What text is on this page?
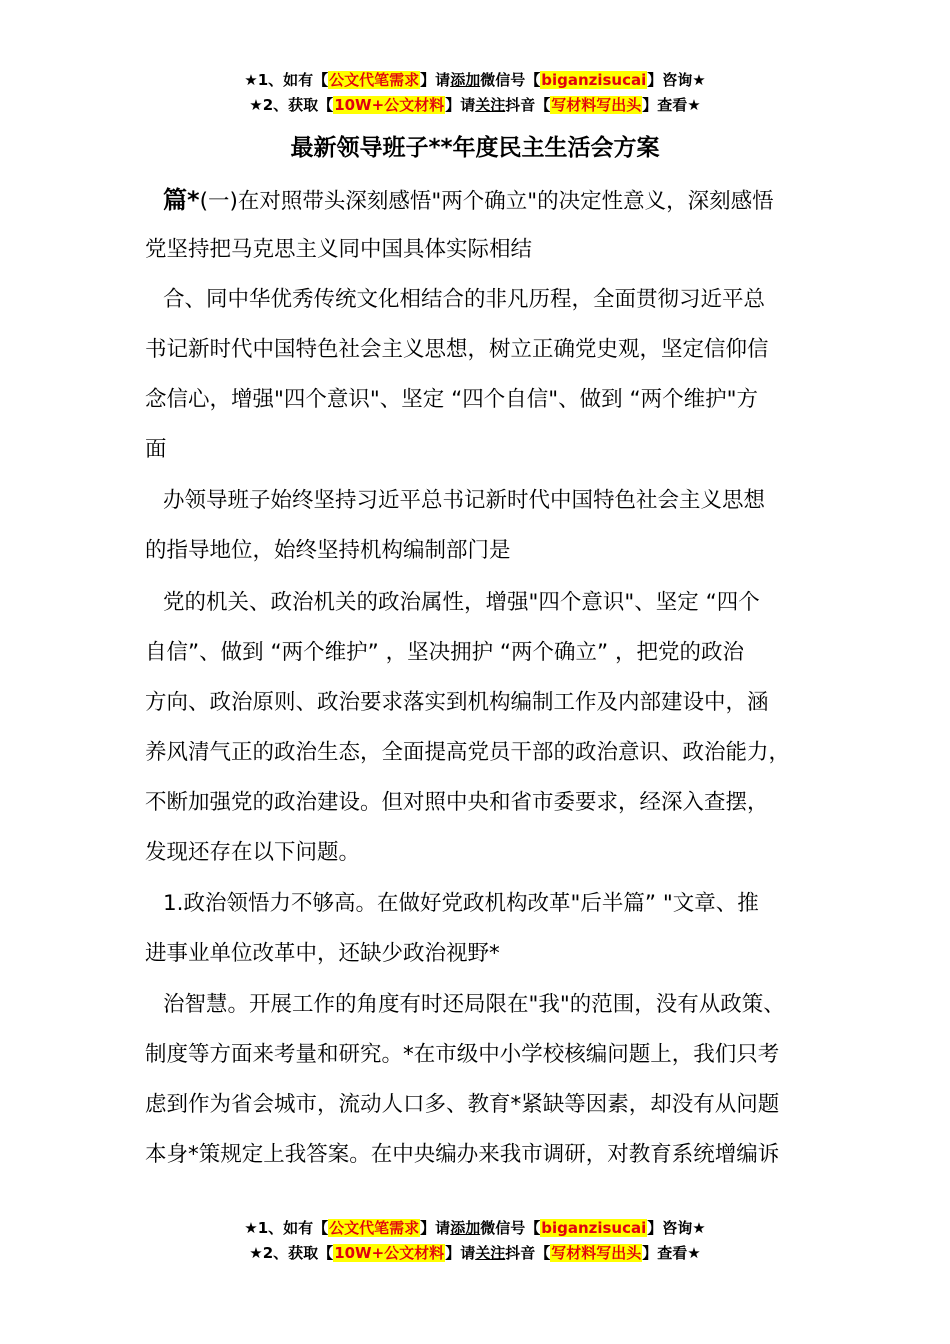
★1、如有【公文代笔需求】请添加微信号【biganzisucai】咨询★
★2、获取【10W+公文材料】请关注抖音【写材料写出头】查看★
最新领导班子**年度民主生活会方案
篇*(一)在对照带头深刻感悟"两个确立"的决定性意义，深刻感悟
党坚持把马克思主义同中国具体实际相结
合、同中华优秀传统文化相结合的非凡历程，全面贯彻习近平总
书记新时代中国特色社会主义思想，树立正确党史观，坚定信仰信
念信心，增强"四个意识"、坚定 “四个自信"、做到 “两个维护"方
面
办领导班子始终坚持习近平总书记新时代中国特色社会主义思想
的指导地位，始终坚持机构编制部门是
党的机关、政治机关的政治属性，增强"四个意识"、坚定 “四个
自信”、做到 “两个维护” ，坚决拥护 “两个确立” ，把党的政治
方向、政治原则、政治要求落实到机构编制工作及内部建设中，涵
养风清气正的政治生态，全面提高党员干部的政治意识、政治能力，
不断加强党的政治建设。但对照中央和省市委要求，经深入查摆，
发现还存在以下问题。
1.政治领悟力不够高。在做好党政机构改革"后半篇” "文章、推
进事业单位改革中，还缺少政治视野*
治智慧。开展工作的角度有时还局限在"我"的范围，没有从政策、
制度等方面来考量和研究。*在市级中小学校核编问题上，我们只考
虑到作为省会城市，流动人口多、教育*紧缺等因素，却没有从问题
本身*策规定上我答案。在中央编办来我市调研，对教育系统增编诉
★1、如有【公文代笔需求】请添加微信号【biganzisucai】咨询★
★2、获取【10W+公文材料】请关注抖音【写材料写出头】查看★
